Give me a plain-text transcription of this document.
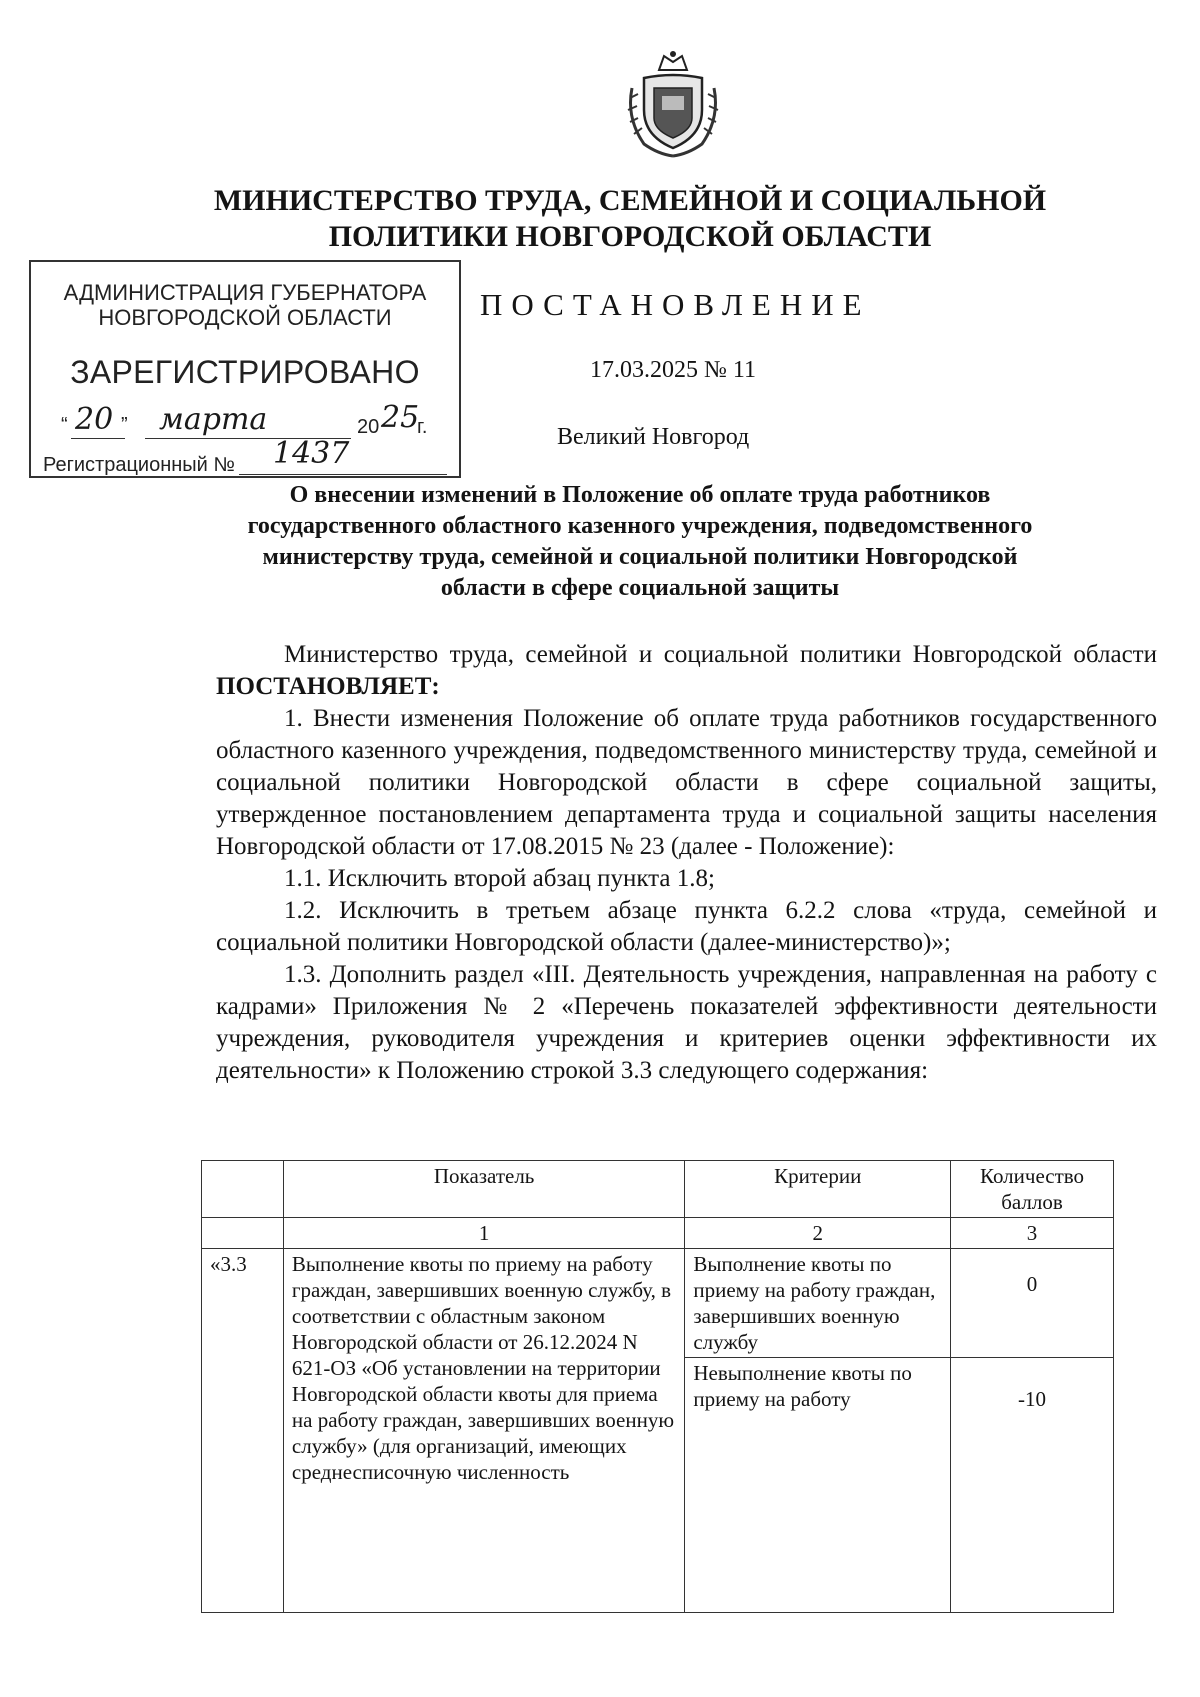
МИНИСТЕРСТВО ТРУДА, СЕМЕЙНОЙ И СОЦИАЛЬНОЙ
ПОЛИТИКИ НОВГОРОДСКОЙ ОБЛАСТИ
АДМИНИСТРАЦИЯ ГУБЕРНАТОРА
НОВГОРОДСКОЙ ОБЛАСТИ
ЗАРЕГИСТРИРОВАНО
“ 20 ” марта	20 25
г.
Регистрационный № 1437
ПОСТАНОВЛЕНИЕ
17.03.2025 № 11
Великий Новгород
О внесении изменений в Положение об оплате труда работников
государственного областного казенного учреждения, подведомственного
министерству труда, семейной и социальной политики Новгородской
области в сфере социальной защиты

Министерство труда, семейной и социальной политики Новгородской области ПОСТАНОВЛЯЕТ:

1. Внести изменения Положение об оплате труда работников государственного областного казенного учреждения, подведомственного министерству труда, семейной и социальной политики Новгородской области в сфере социальной защиты, утвержденное постановлением департамента труда и социальной защиты населения Новгородской области от 17.08.2015 № 23 (далее - Положение):

1.1. Исключить второй абзац пункта 1.8;

1.2. Исключить в третьем абзаце пункта 6.2.2 слова «труда, семейной и социальной политики Новгородской области (далее-министерство)»;

1.3. Дополнить раздел «III. Деятельность учреждения, направленная на работу с кадрами» Приложения № 2 «Перечень показателей эффективности деятельности учреждения, руководителя учреждения и критериев оценки эффективности их деятельности» к Положению строкой 3.3 следующего содержания:

	Показатель	Критерии	Количество баллов
	1	2	3
«3.3	Выполнение квоты по приему на работу граждан, завершивших военную службу, в соответствии с областным законом Новгородской области от 26.12.2024 N 621-ОЗ «Об установлении на территории Новгородской области квоты для приема на работу граждан, завершивших военную службу» (для организаций, имеющих среднесписочную численность	Выполнение квоты по приему на работу граждан, завершивших военную службу	0
		Невыполнение квоты по приему на работу	-10
